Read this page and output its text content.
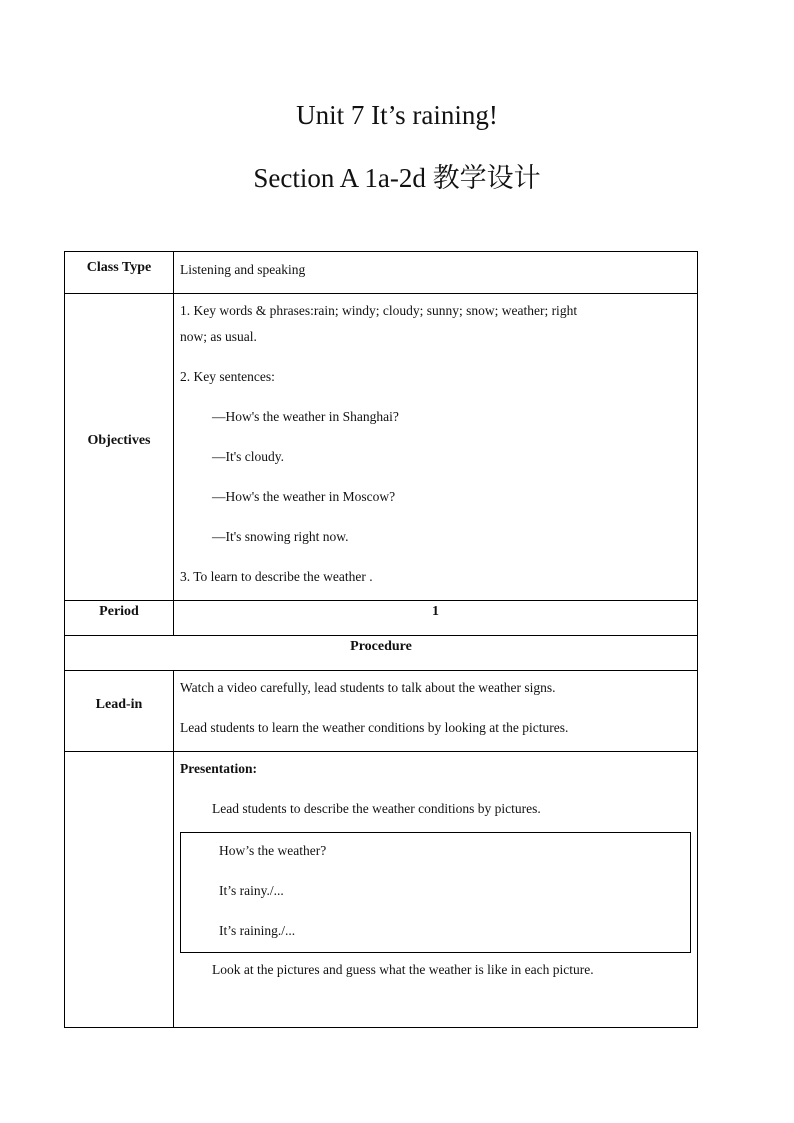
Unit 7 It’s raining!
Section A 1a-2d 教学设计
Class Type	Listening and speaking
Objectives
1. Key words & phrases:rain; windy; cloudy; sunny; snow; weather; right
now; as usual.
2. Key sentences:
—How's the weather in Shanghai?
—It's cloudy.
—How's the weather in Moscow?
—It's snowing right now.
3. To learn to describe the weather .
Period	1
Procedure
Lead-in
Watch a video carefully, lead students to talk about the weather signs.
Lead students to learn the weather conditions by looking at the pictures.
Presentation:
Lead students to describe the weather conditions by pictures.
How’s the weather?
It’s rainy./...
It’s raining./...
Look at the pictures and guess what the weather is like in each picture.
